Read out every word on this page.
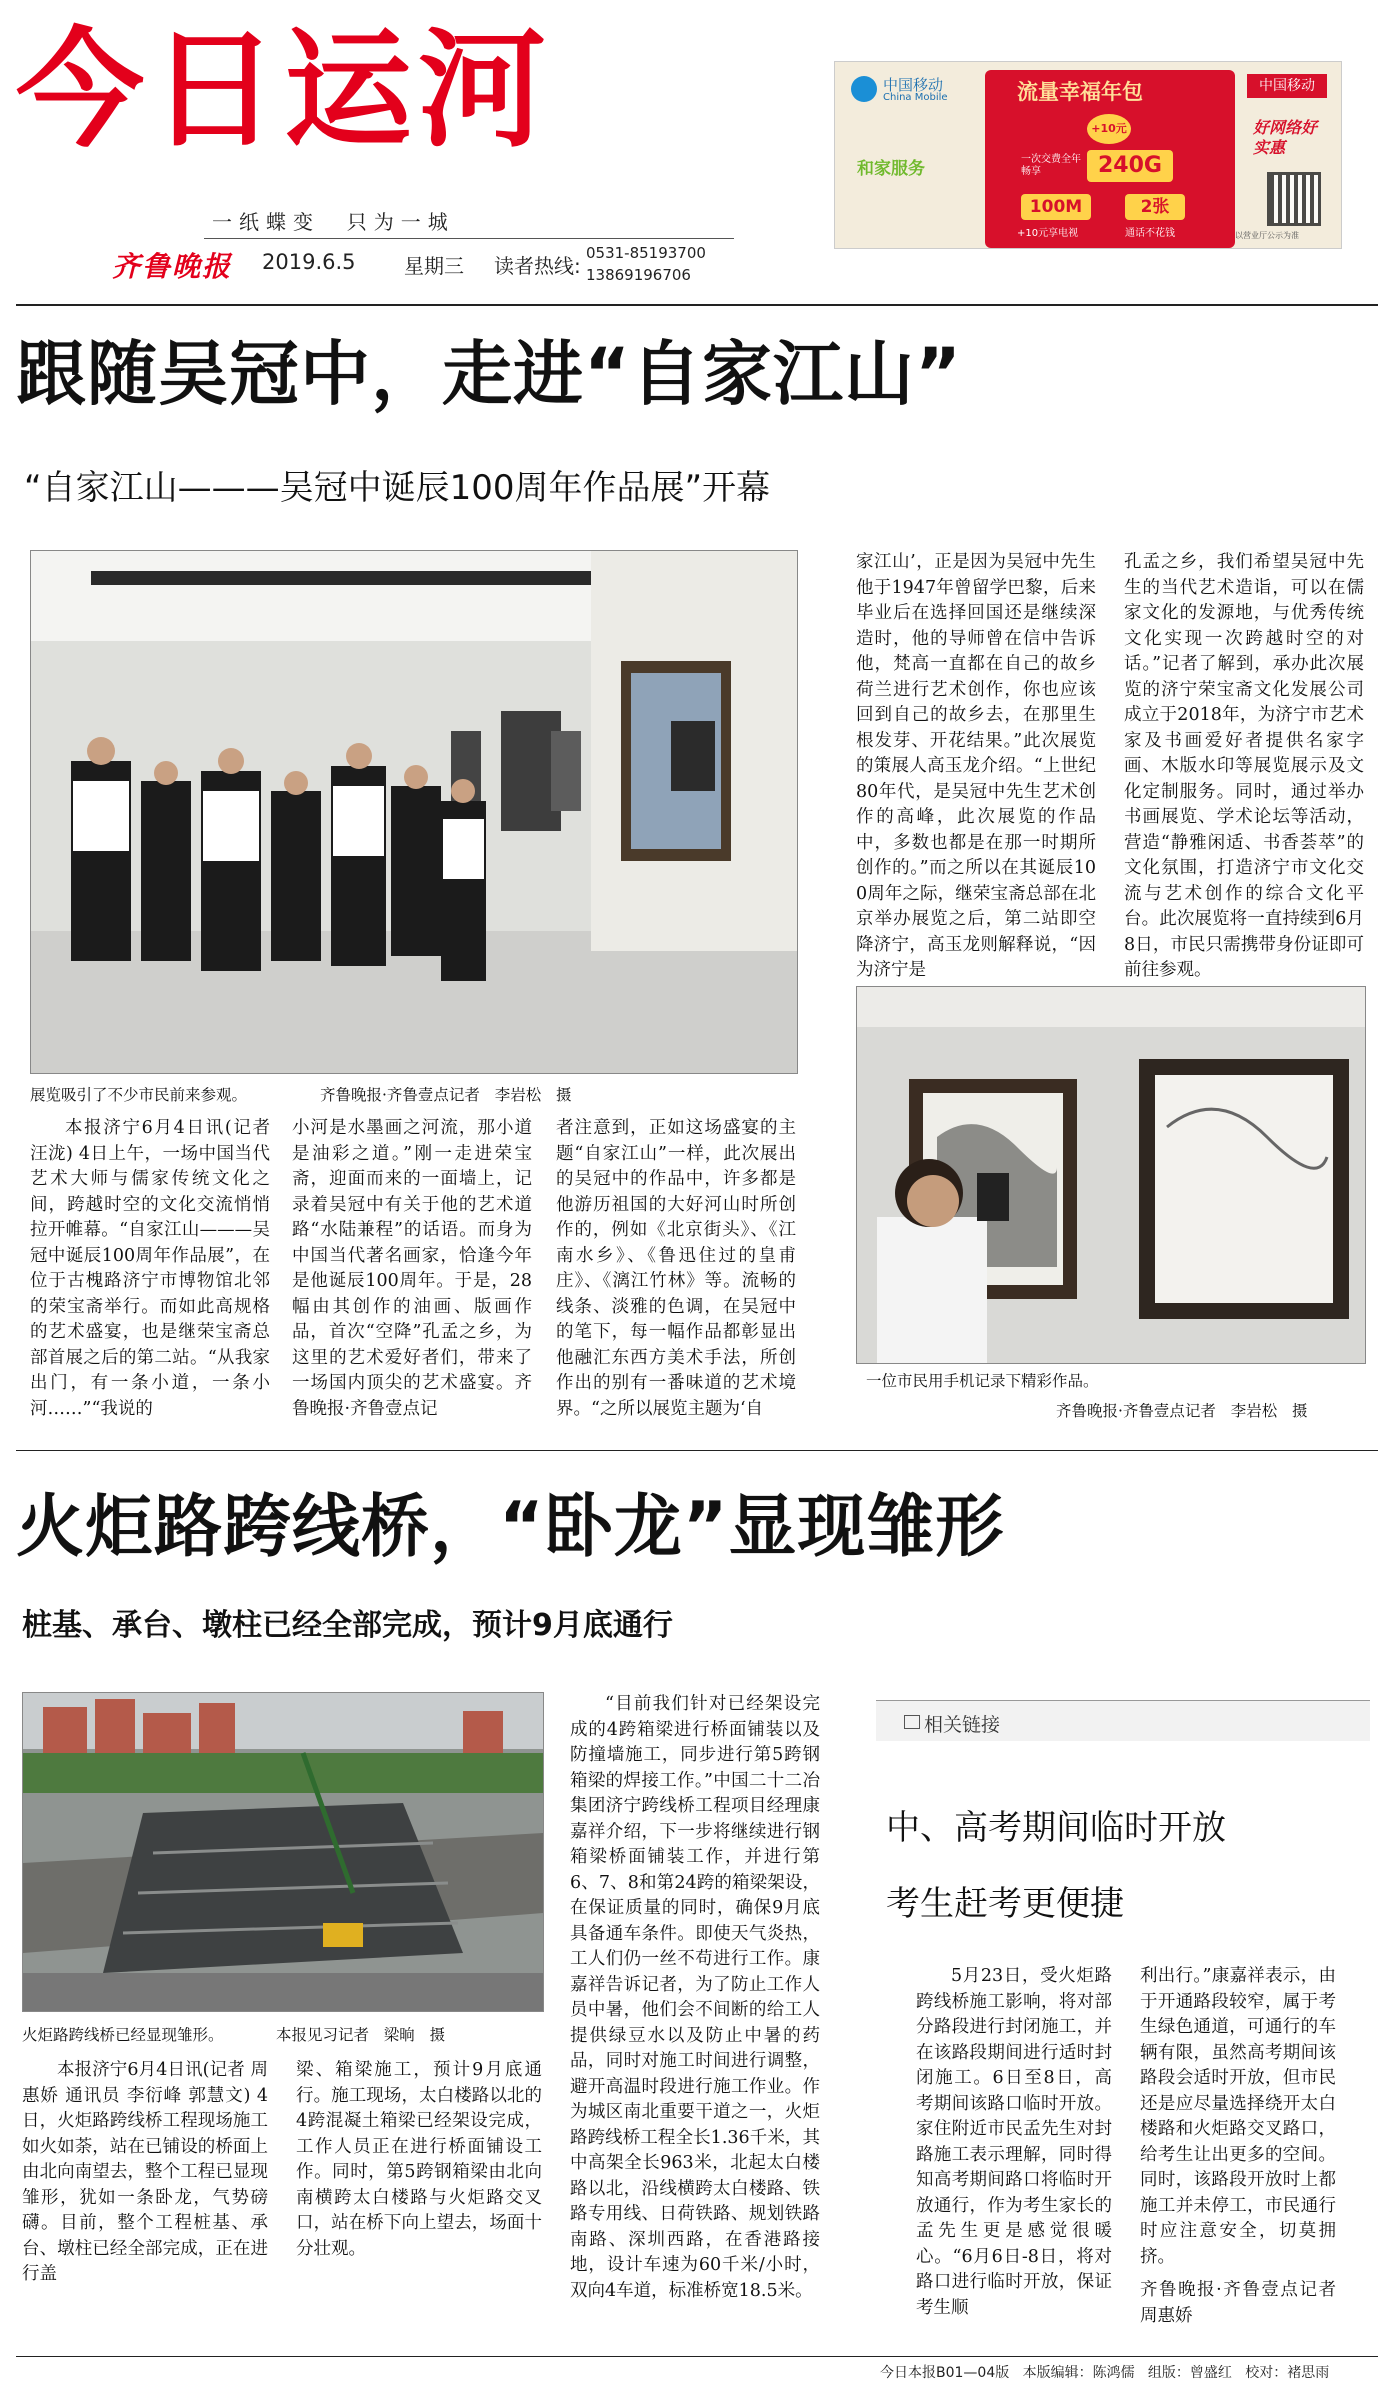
今日运河
一纸蝶变  只为一城
齐鲁晚报 2019.6.5 星期三 读者热线:
0531-85193700
13869196706
中国移动
China Mobile
和家服务
流量幸福年包
+10元
一次交费全年畅享	240G
100M	2张
+10元享电视	通话不花钱
中国移动
好网络好实惠
以营业厅公示为准
跟随吴冠中，走进“自家江山”
“自家江山———吴冠中诞辰100周年作品展”开幕
展览吸引了不少市民前来参观。	齐鲁晚报·齐鲁壹点记者   李岩松   摄

本报济宁6月4日讯(记者 汪泷) 4日上午，一场中国当代艺术大师与儒家传统文化之间，跨越时空的文化交流悄悄拉开帷幕。“自家江山———吴冠中诞辰100周年作品展”，在位于古槐路济宁市博物馆北邻的荣宝斋举行。而如此高规格的艺术盛宴，也是继荣宝斋总部首展之后的第二站。“从我家出门，有一条小道，一条小河……”“我说的

小河是水墨画之河流，那小道是油彩之道。”刚一走进荣宝斋，迎面而来的一面墙上，记录着吴冠中有关于他的艺术道路“水陆兼程”的话语。而身为中国当代著名画家，恰逢今年是他诞辰100周年。于是，28幅由其创作的油画、版画作品，首次“空降”孔孟之乡，为这里的艺术爱好者们，带来了一场国内顶尖的艺术盛宴。齐鲁晚报·齐鲁壹点记

者注意到，正如这场盛宴的主题“自家江山”一样，此次展出的吴冠中的作品中，许多都是他游历祖国的大好河山时所创作的，例如《北京街头》、《江南水乡》、《鲁迅住过的皇甫庄》、《漓江竹林》等。流畅的线条、淡雅的色调，在吴冠中的笔下，每一幅作品都彰显出他融汇东西方美术手法，所创作出的别有一番味道的艺术境界。“之所以展览主题为‘自

家江山’，正是因为吴冠中先生他于1947年曾留学巴黎，后来毕业后在选择回国还是继续深造时，他的导师曾在信中告诉他，梵高一直都在自己的故乡荷兰进行艺术创作，你也应该回到自己的故乡去，在那里生根发芽、开花结果。”此次展览的策展人高玉龙介绍。“上世纪80年代，是吴冠中先生艺术创作的高峰，此次展览的作品中，多数也都是在那一时期所创作的。”而之所以在其诞辰100周年之际，继荣宝斋总部在北京举办展览之后，第二站即空降济宁，高玉龙则解释说，“因为济宁是

孔孟之乡，我们希望吴冠中先生的当代艺术造诣，可以在儒家文化的发源地，与优秀传统文化实现一次跨越时空的对话。”记者了解到，承办此次展览的济宁荣宝斋文化发展公司成立于2018年，为济宁市艺术家及书画爱好者提供名家字画、木版水印等展览展示及文化定制服务。同时，通过举办书画展览、学术论坛等活动，营造“静雅闲适、书香荟萃”的文化氛围，打造济宁市文化交流与艺术创作的综合文化平台。此次展览将一直持续到6月8日，市民只需携带身份证即可前往参观。

一位市民用手机记录下精彩作品。
齐鲁晚报·齐鲁壹点记者   李岩松   摄
火炬路跨线桥，“卧龙”显现雏形
桩基、承台、墩柱已经全部完成，预计9月底通行
火炬路跨线桥已经显现雏形。	本报见习记者   梁晌   摄

本报济宁6月4日讯(记者 周惠娇 通讯员 李衍峰 郭慧文) 4日，火炬路跨线桥工程现场施工如火如荼，站在已铺设的桥面上由北向南望去，整个工程已显现雏形，犹如一条卧龙，气势磅礴。目前，整个工程桩基、承台、墩柱已经全部完成，正在进行盖

梁、箱梁施工，预计9月底通行。施工现场，太白楼路以北的4跨混凝土箱梁已经架设完成，工作人员正在进行桥面铺设工作。同时，第5跨钢箱梁由北向南横跨太白楼路与火炬路交叉口，站在桥下向上望去，场面十分壮观。

“目前我们针对已经架设完成的4跨箱梁进行桥面铺装以及防撞墙施工，同步进行第5跨钢箱梁的焊接工作。”中国二十二冶集团济宁跨线桥工程项目经理康嘉祥介绍，下一步将继续进行钢箱梁桥面铺装工作，并进行第6、7、8和第24跨的箱梁架设，在保证质量的同时，确保9月底具备通车条件。即使天气炎热，工人们仍一丝不苟进行工作。康嘉祥告诉记者，为了防止工作人员中暑，他们会不间断的给工人提供绿豆水以及防止中暑的药品，同时对施工时间进行调整，避开高温时段进行施工作业。作为城区南北重要干道之一，火炬路跨线桥工程全长1.36千米，其中高架全长963米，北起太白楼路以北，沿线横跨太白楼路、铁路专用线、日荷铁路、规划铁路南路、深圳西路，在香港路接地，设计车速为60千米/小时，双向4车道，标准桥宽18.5米。

相关链接
中、高考期间临时开放
考生赶考更便捷

5月23日，受火炬路跨线桥施工影响，将对部分路段进行封闭施工，并在该路段期间进行适时封闭施工。6日至8日，高考期间该路口临时开放。家住附近市民孟先生对封路施工表示理解，同时得知高考期间路口将临时开放通行，作为考生家长的孟先生更是感觉很暖心。“6月6日-8日，将对路口进行临时开放，保证考生顺

利出行。”康嘉祥表示，由于开通路段较窄，属于考生绿色通道，可通行的车辆有限，虽然高考期间该路段会适时开放，但市民还是应尽量选择绕开太白楼路和火炬路交叉路口，给考生让出更多的空间。同时，该路段开放时上都施工并未停工，市民通行时应注意安全，切莫拥挤。

齐鲁晚报·齐鲁壹点记者   周惠娇
今日本报B01—04版   本版编辑：陈鸿儒   组版：曾盛红   校对：褚思雨
